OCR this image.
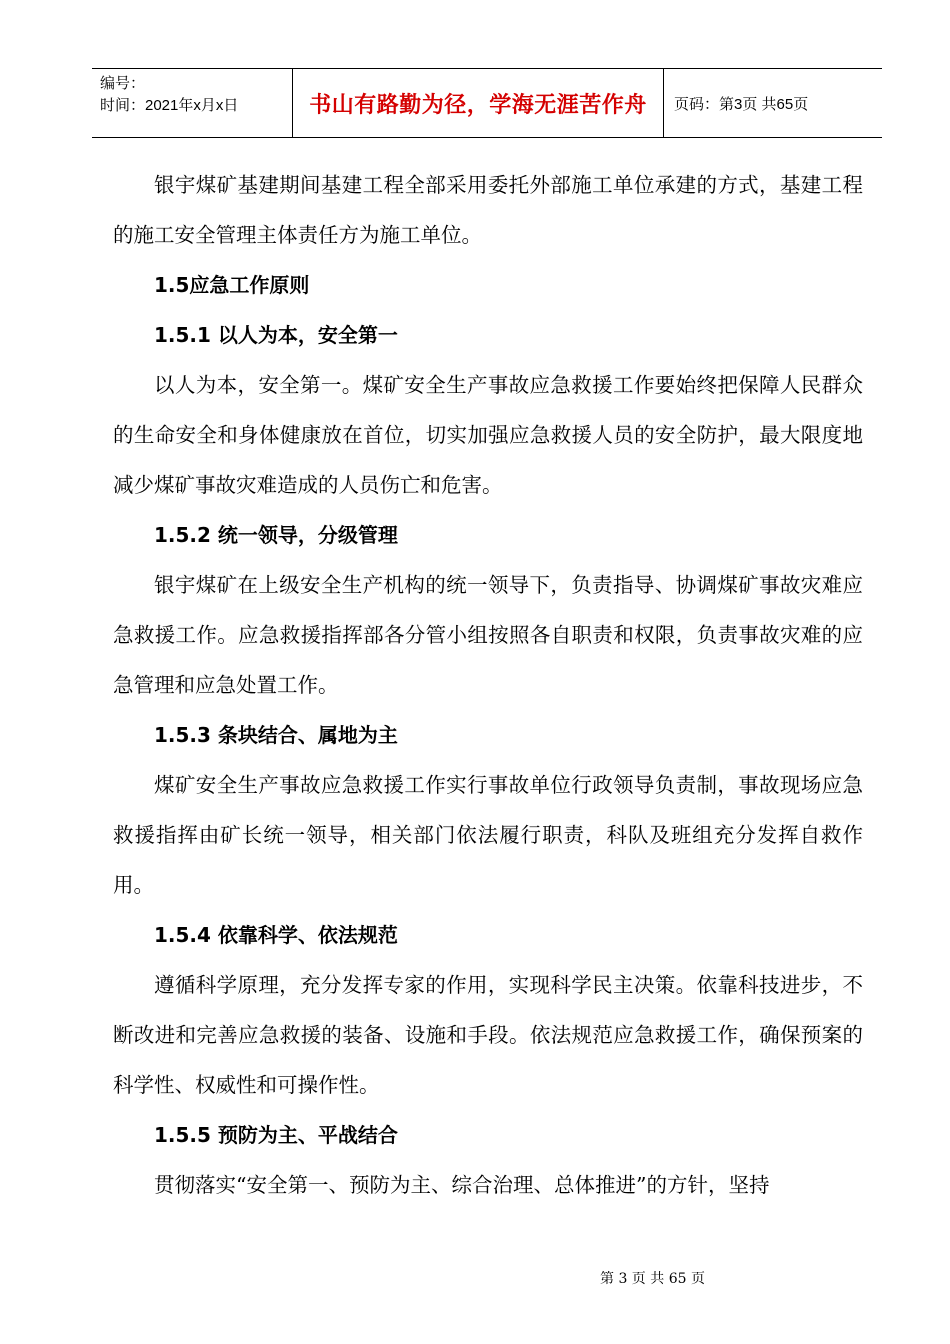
编号：
时间：2021年x月x日	书山有路勤为径，学海无涯苦作舟	页码：第3页 共65页

银宇煤矿基建期间基建工程全部采用委托外部施工单位承建的方式，基建工程的施工安全管理主体责任方为施工单位。

1.5应急工作原则

1.5.1 以人为本，安全第一

以人为本，安全第一。煤矿安全生产事故应急救援工作要始终把保障人民群众的生命安全和身体健康放在首位，切实加强应急救援人员的安全防护，最大限度地减少煤矿事故灾难造成的人员伤亡和危害。

1.5.2 统一领导，分级管理

银宇煤矿在上级安全生产机构的统一领导下，负责指导、协调煤矿事故灾难应急救援工作。应急救援指挥部各分管小组按照各自职责和权限，负责事故灾难的应急管理和应急处置工作。

1.5.3 条块结合、属地为主

煤矿安全生产事故应急救援工作实行事故单位行政领导负责制，事故现场应急救援指挥由矿长统一领导，相关部门依法履行职责，科队及班组充分发挥自救作用。

1.5.4 依靠科学、依法规范

遵循科学原理，充分发挥专家的作用，实现科学民主决策。依靠科技进步，不断改进和完善应急救援的装备、设施和手段。依法规范应急救援工作，确保预案的科学性、权威性和可操作性。

1.5.5 预防为主、平战结合

贯彻落实“安全第一、预防为主、综合治理、总体推进”的方针，坚持

第 3 页 共 65 页
